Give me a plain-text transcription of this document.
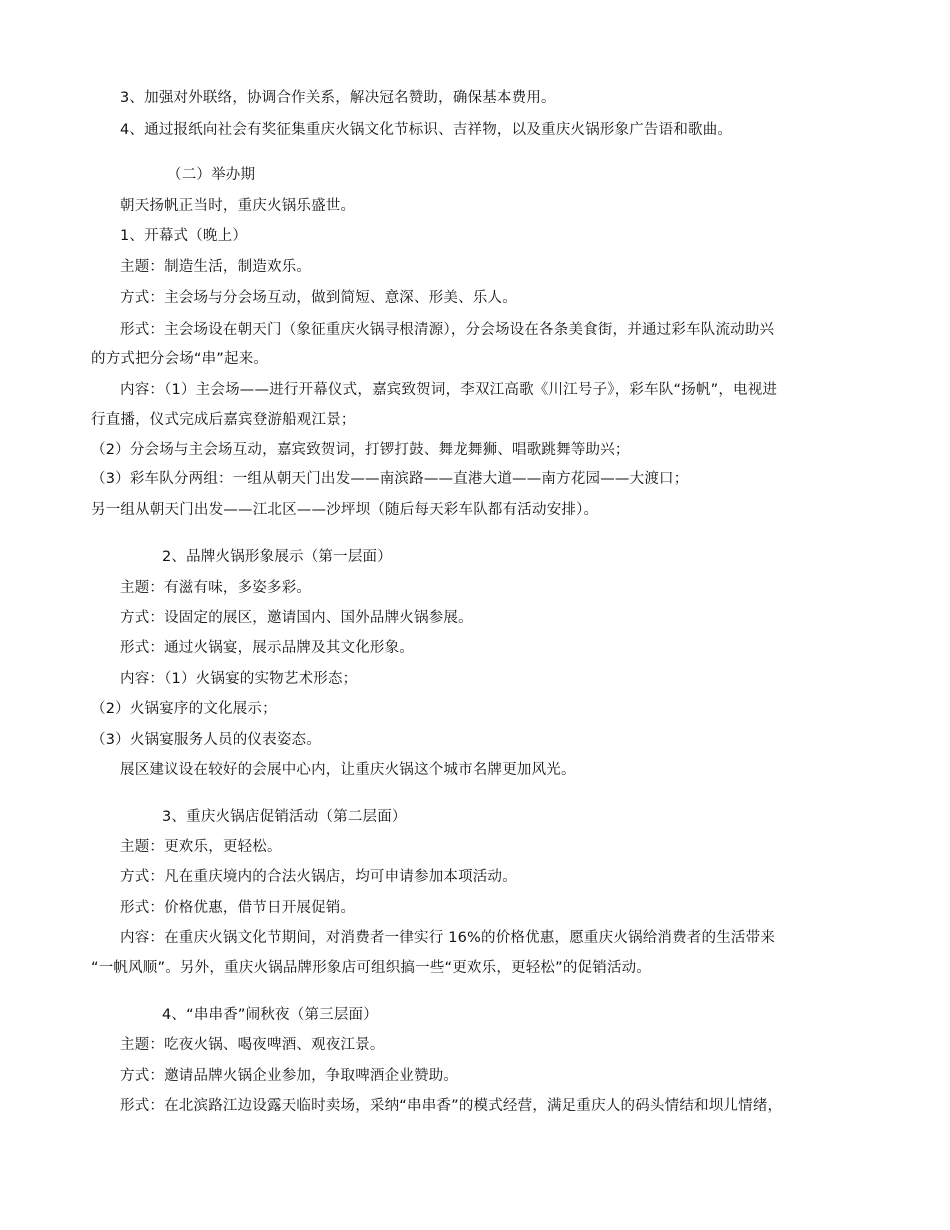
3、加强对外联络，协调合作关系，解决冠名赞助，确保基本费用。
4、通过报纸向社会有奖征集重庆火锅文化节标识、吉祥物，以及重庆火锅形象广告语和歌曲。
（二）举办期
朝天扬帆正当时，重庆火锅乐盛世。
1、开幕式（晚上）
主题：制造生活，制造欢乐。
方式：主会场与分会场互动，做到简短、意深、形美、乐人。
形式：主会场设在朝天门（象征重庆火锅寻根清源），分会场设在各条美食街，并通过彩车队流动助兴
的方式把分会场“串”起来。
内容：（1）主会场——进行开幕仪式，嘉宾致贺词，李双江高歌《川江号子》，彩车队“扬帆”，电视进
行直播，仪式完成后嘉宾登游船观江景；
（2）分会场与主会场互动，嘉宾致贺词，打锣打鼓、舞龙舞狮、唱歌跳舞等助兴；
（3）彩车队分两组：一组从朝天门出发——南滨路——直港大道——南方花园——大渡口；
另一组从朝天门出发——江北区——沙坪坝（随后每天彩车队都有活动安排）。
2、品牌火锅形象展示（第一层面）
主题：有滋有味，多姿多彩。
方式：设固定的展区，邀请国内、国外品牌火锅参展。
形式：通过火锅宴，展示品牌及其文化形象。
内容：（1）火锅宴的实物艺术形态；
（2）火锅宴序的文化展示；
（3）火锅宴服务人员的仪表姿态。
展区建议设在较好的会展中心内，让重庆火锅这个城市名牌更加风光。
3、重庆火锅店促销活动（第二层面）
主题：更欢乐，更轻松。
方式：凡在重庆境内的合法火锅店，均可申请参加本项活动。
形式：价格优惠，借节日开展促销。
内容：在重庆火锅文化节期间，对消费者一律实行 16%的价格优惠，愿重庆火锅给消费者的生活带来
“一帆风顺”。另外，重庆火锅品牌形象店可组织搞一些“更欢乐，更轻松”的促销活动。
4、“串串香”闹秋夜（第三层面）
主题：吃夜火锅、喝夜啤酒、观夜江景。
方式：邀请品牌火锅企业参加，争取啤酒企业赞助。
形式：在北滨路江边设露天临时卖场，采纳“串串香”的模式经营，满足重庆人的码头情结和坝儿情绪，
